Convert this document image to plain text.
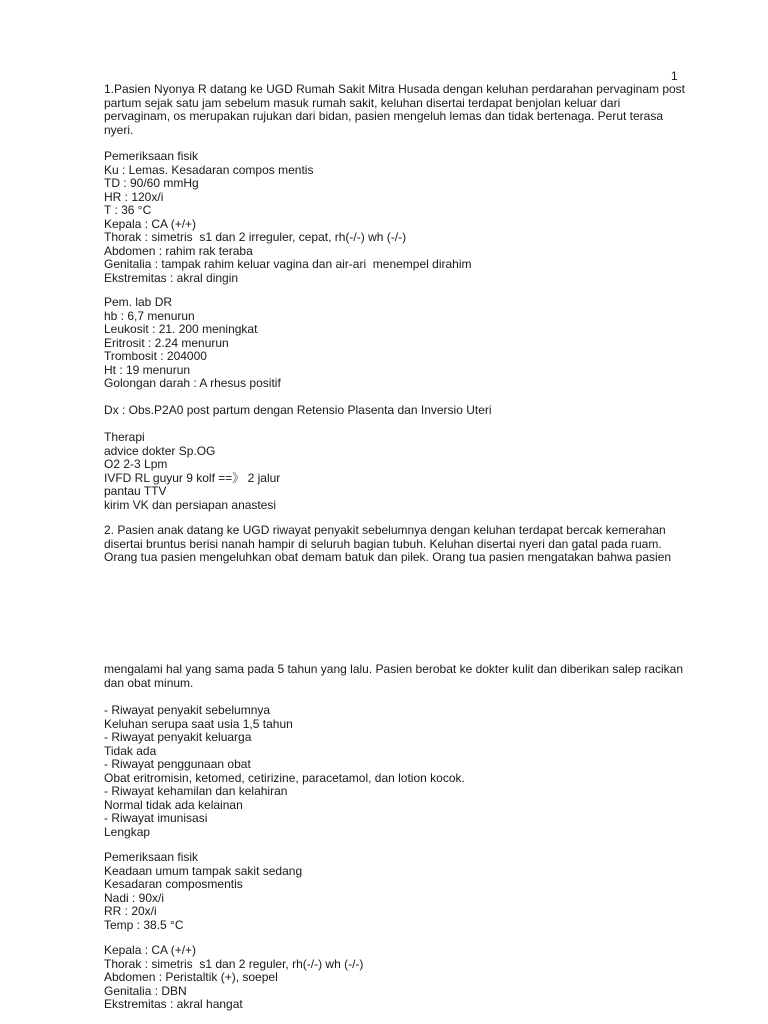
1
1.Pasien Nyonya R datang ke UGD Rumah Sakit Mitra Husada dengan keluhan perdarahan pervaginam post
partum sejak satu jam sebelum masuk rumah sakit, keluhan disertai terdapat benjolan keluar dari
pervaginam, os merupakan rujukan dari bidan, pasien mengeluh lemas dan tidak bertenaga. Perut terasa
nyeri.
Pemeriksaan fisik
Ku : Lemas. Kesadaran compos mentis
TD : 90/60 mmHg
HR : 120x/i
T : 36 °C
Kepala : CA (+/+)
Thorak : simetris  s1 dan 2 irreguler, cepat, rh(-/-) wh (-/-)
Abdomen : rahim rak teraba
Genitalia : tampak rahim keluar vagina dan air-ari  menempel dirahim
Ekstremitas : akral dingin
Pem. lab DR
hb : 6,7 menurun
Leukosit : 21. 200 meningkat
Eritrosit : 2.24 menurun
Trombosit : 204000
Ht : 19 menurun
Golongan darah : A rhesus positif
Dx : Obs.P2A0 post partum dengan Retensio Plasenta dan Inversio Uteri
Therapi
advice dokter Sp.OG
O2 2-3 Lpm
IVFD RL guyur 9 kolf ==》 2 jalur
pantau TTV
kirim VK dan persiapan anastesi
2. Pasien anak datang ke UGD riwayat penyakit sebelumnya dengan keluhan terdapat bercak kemerahan
disertai bruntus berisi nanah hampir di seluruh bagian tubuh. Keluhan disertai nyeri dan gatal pada ruam.
Orang tua pasien mengeluhkan obat demam batuk dan pilek. Orang tua pasien mengatakan bahwa pasien
mengalami hal yang sama pada 5 tahun yang lalu. Pasien berobat ke dokter kulit dan diberikan salep racikan
dan obat minum.
- Riwayat penyakit sebelumnya
Keluhan serupa saat usia 1,5 tahun
- Riwayat penyakit keluarga
Tidak ada
- Riwayat penggunaan obat
Obat eritromisin, ketomed, cetirizine, paracetamol, dan lotion kocok.
- Riwayat kehamilan dan kelahiran
Normal tidak ada kelainan
- Riwayat imunisasi
Lengkap
Pemeriksaan fisik
Keadaan umum tampak sakit sedang
Kesadaran composmentis
Nadi : 90x/i
RR : 20x/i
Temp : 38.5 °C
Kepala : CA (+/+)
Thorak : simetris  s1 dan 2 reguler, rh(-/-) wh (-/-)
Abdomen : Peristaltik (+), soepel
Genitalia : DBN
Ekstremitas : akral hangat
